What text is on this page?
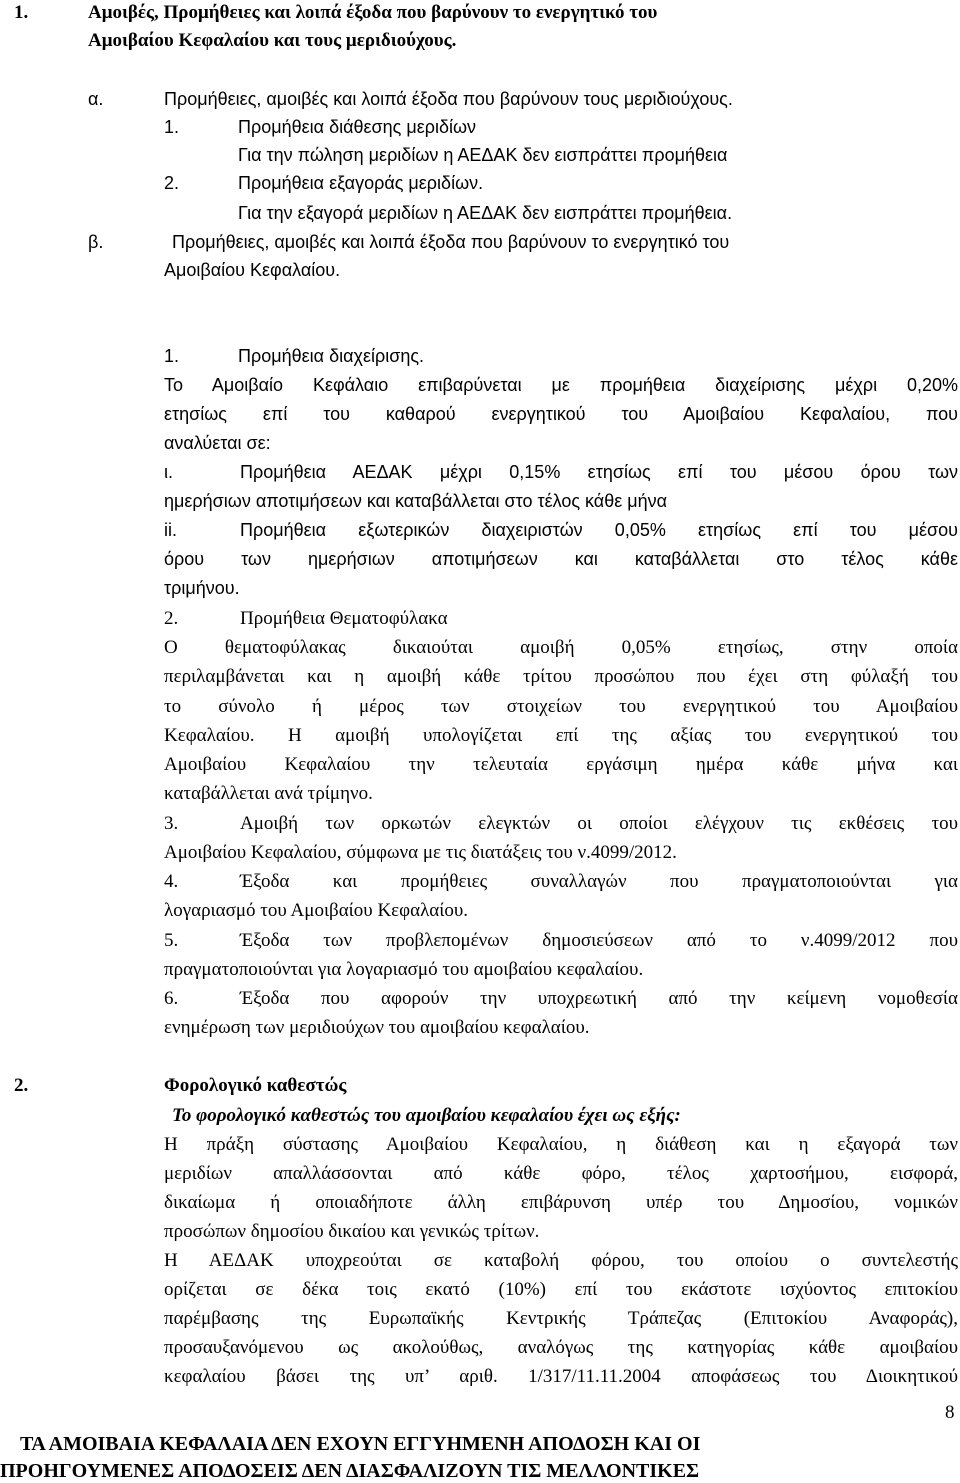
1.	Αμοιβές, Προμήθειες και λοιπά έξοδα που βαρύνουν το ενεργητικό του
Αμοιβαίου Κεφαλαίου και τους μεριδιούχους.
α.	Προμήθειες, αμοιβές και λοιπά έξοδα που βαρύνουν τους μεριδιούχους.
1.	Προμήθεια διάθεσης μεριδίων
Για την πώληση μεριδίων η ΑΕΔΑΚ δεν εισπράττει προμήθεια
2.	Προμήθεια εξαγοράς μεριδίων.
Για την εξαγορά μεριδίων η ΑΕΔΑΚ δεν εισπράττει προμήθεια.
β.	Προμήθειες, αμοιβές και λοιπά έξοδα που βαρύνουν το ενεργητικό του
Αμοιβαίου Κεφαλαίου.
1.	Προμήθεια διαχείρισης.
Το Αμοιβαίο Κεφάλαιο επιβαρύνεται με προμήθεια διαχείρισης μέχρι 0,20%
ετησίως επί του καθαρού ενεργητικού του Αμοιβαίου Κεφαλαίου, που
αναλύεται σε:
ι.	Προμήθεια ΑΕΔΑΚ μέχρι 0,15% ετησίως επί του μέσου όρου των
ημερήσιων αποτιμήσεων και καταβάλλεται στο τέλος κάθε μήνα
ii.	Προμήθεια εξωτερικών διαχειριστών 0,05% ετησίως επί του μέσου
όρου των ημερήσιων αποτιμήσεων και καταβάλλεται στο τέλος κάθε
τριμήνου.
2.	Προμήθεια Θεματοφύλακα
Ο θεματοφύλακας δικαιούται αμοιβή 0,05% ετησίως, στην οποία
περιλαμβάνεται και η αμοιβή κάθε τρίτου προσώπου που έχει στη φύλαξή του
το σύνολο ή μέρος των στοιχείων του ενεργητικού του Αμοιβαίου
Κεφαλαίου. Η αμοιβή υπολογίζεται επί της αξίας του ενεργητικού του
Αμοιβαίου Κεφαλαίου την τελευταία εργάσιμη ημέρα κάθε μήνα και
καταβάλλεται ανά τρίμηνο.
3.	Αμοιβή των ορκωτών ελεγκτών οι οποίοι ελέγχουν τις εκθέσεις του
Αμοιβαίου Κεφαλαίου, σύμφωνα με τις διατάξεις του ν.4099/2012.
4.	Έξοδα και προμήθειες συναλλαγών που πραγματοποιούνται για
λογαριασμό του Αμοιβαίου Κεφαλαίου.
5.	Έξοδα των προβλεπομένων δημοσιεύσεων από το ν.4099/2012 που
πραγματοποιούνται για λογαριασμό του αμοιβαίου κεφαλαίου.
6.	Έξοδα που αφορούν την υποχρεωτική από την κείμενη νομοθεσία
ενημέρωση των μεριδιούχων του αμοιβαίου κεφαλαίου.
2.	Φορολογικό καθεστώς
Το φορολογικό καθεστώς του αμοιβαίου κεφαλαίου έχει ως εξής:
Η πράξη σύστασης Αμοιβαίου Κεφαλαίου, η διάθεση και η εξαγορά των
μεριδίων απαλλάσσονται από κάθε φόρο, τέλος χαρτοσήμου, εισφορά,
δικαίωμα ή οποιαδήποτε άλλη επιβάρυνση υπέρ του Δημοσίου, νομικών
προσώπων δημοσίου δικαίου και γενικώς τρίτων.
Η ΑΕΔΑΚ υποχρεούται σε καταβολή φόρου, του οποίου ο συντελεστής
ορίζεται σε δέκα τοις εκατό (10%) επί του εκάστοτε ισχύοντος επιτοκίου
παρέμβασης της Ευρωπαϊκής Κεντρικής Τράπεζας (Επιτοκίου Αναφοράς),
προσαυξανόμενου ως ακολούθως, αναλόγως της κατηγορίας κάθε αμοιβαίου
κεφαλαίου βάσει της υπ’ αριθ. 1/317/11.11.2004 αποφάσεως του Διοικητικού
8
ΤΑ ΑΜΟΙΒΑΙΑ ΚΕΦΑΛΑΙΑ ΔΕΝ ΕΧΟΥΝ ΕΓΓΥΗΜΕΝΗ ΑΠΟΔΟΣΗ ΚΑΙ ΟΙ
ΠΡΟΗΓΟΥΜΕΝΕΣ ΑΠΟΔΟΣΕΙΣ ΔΕΝ ΔΙΑΣΦΑΛΙΖΟΥΝ ΤΙΣ ΜΕΛΛΟΝΤΙΚΕΣ
